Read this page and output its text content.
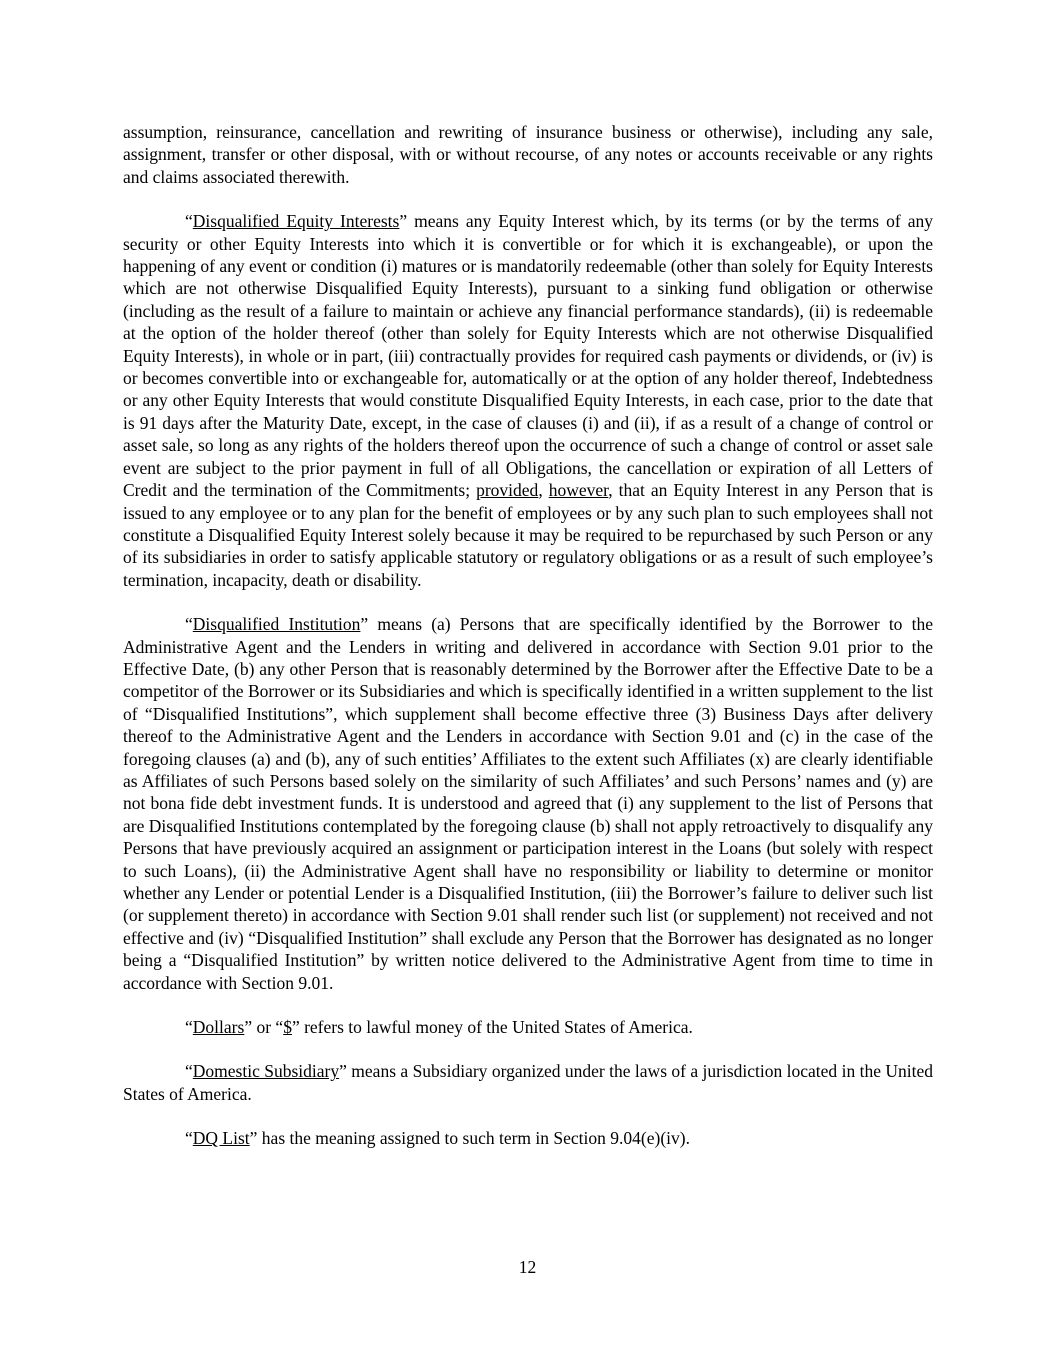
assumption, reinsurance, cancellation and rewriting of insurance business or otherwise), including any sale, assignment, transfer or other disposal, with or without recourse, of any notes or accounts receivable or any rights and claims associated therewith.

“Disqualified Equity Interests” means any Equity Interest which, by its terms (or by the terms of any security or other Equity Interests into which it is convertible or for which it is exchangeable), or upon the happening of any event or condition (i) matures or is mandatorily redeemable (other than solely for Equity Interests which are not otherwise Disqualified Equity Interests), pursuant to a sinking fund obligation or otherwise (including as the result of a failure to maintain or achieve any financial performance standards), (ii) is redeemable at the option of the holder thereof (other than solely for Equity Interests which are not otherwise Disqualified Equity Interests), in whole or in part, (iii) contractually provides for required cash payments or dividends, or (iv) is or becomes convertible into or exchangeable for, automatically or at the option of any holder thereof, Indebtedness or any other Equity Interests that would constitute Disqualified Equity Interests, in each case, prior to the date that is 91 days after the Maturity Date, except, in the case of clauses (i) and (ii), if as a result of a change of control or asset sale, so long as any rights of the holders thereof upon the occurrence of such a change of control or asset sale event are subject to the prior payment in full of all Obligations, the cancellation or expiration of all Letters of Credit and the termination of the Commitments; provided, however, that an Equity Interest in any Person that is issued to any employee or to any plan for the benefit of employees or by any such plan to such employees shall not constitute a Disqualified Equity Interest solely because it may be required to be repurchased by such Person or any of its subsidiaries in order to satisfy applicable statutory or regulatory obligations or as a result of such employee’s termination, incapacity, death or disability.

“Disqualified Institution” means (a) Persons that are specifically identified by the Borrower to the Administrative Agent and the Lenders in writing and delivered in accordance with Section 9.01 prior to the Effective Date, (b) any other Person that is reasonably determined by the Borrower after the Effective Date to be a competitor of the Borrower or its Subsidiaries and which is specifically identified in a written supplement to the list of “Disqualified Institutions”, which supplement shall become effective three (3) Business Days after delivery thereof to the Administrative Agent and the Lenders in accordance with Section 9.01 and (c) in the case of the foregoing clauses (a) and (b), any of such entities’ Affiliates to the extent such Affiliates (x) are clearly identifiable as Affiliates of such Persons based solely on the similarity of such Affiliates’ and such Persons’ names and (y) are not bona fide debt investment funds. It is understood and agreed that (i) any supplement to the list of Persons that are Disqualified Institutions contemplated by the foregoing clause (b) shall not apply retroactively to disqualify any Persons that have previously acquired an assignment or participation interest in the Loans (but solely with respect to such Loans), (ii) the Administrative Agent shall have no responsibility or liability to determine or monitor whether any Lender or potential Lender is a Disqualified Institution, (iii) the Borrower’s failure to deliver such list (or supplement thereto) in accordance with Section 9.01 shall render such list (or supplement) not received and not effective and (iv) “Disqualified Institution” shall exclude any Person that the Borrower has designated as no longer being a “Disqualified Institution” by written notice delivered to the Administrative Agent from time to time in accordance with Section 9.01.

“Dollars” or “$” refers to lawful money of the United States of America.

“Domestic Subsidiary” means a Subsidiary organized under the laws of a jurisdiction located in the United States of America.

“DQ List” has the meaning assigned to such term in Section 9.04(e)(iv).

12
